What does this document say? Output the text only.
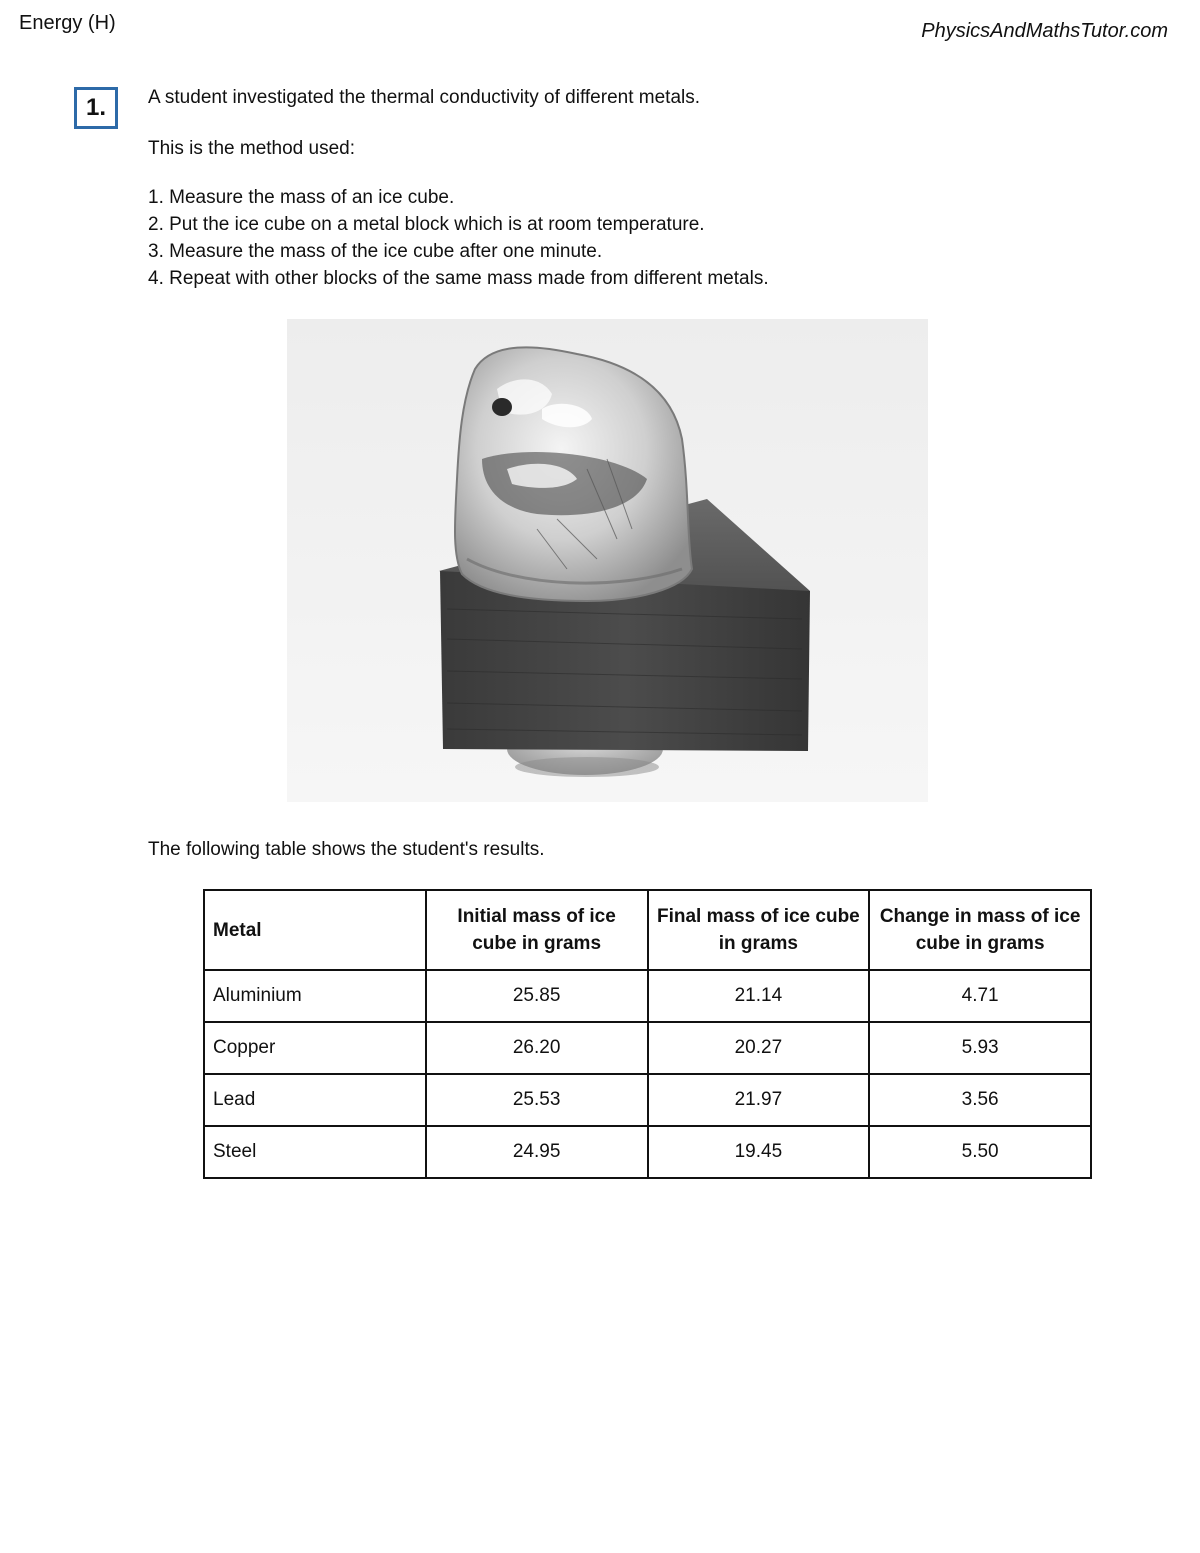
Energy (H)	PhysicsAndMathsTutor.com
1.	A student investigated the thermal conductivity of different metals.
This is the method used:
1. Measure the mass of an ice cube.
2. Put the ice cube on a metal block which is at room temperature.
3. Measure the mass of the ice cube after one minute.
4. Repeat with other blocks of the same mass made from different metals.
The following table shows the student's results.
Metal	Initial mass of ice cube in grams	Final mass of ice cube in grams	Change in mass of ice cube in grams
Aluminium	25.85	21.14	4.71
Copper	26.20	20.27	5.93
Lead	25.53	21.97	3.56
Steel	24.95	19.45	5.50
